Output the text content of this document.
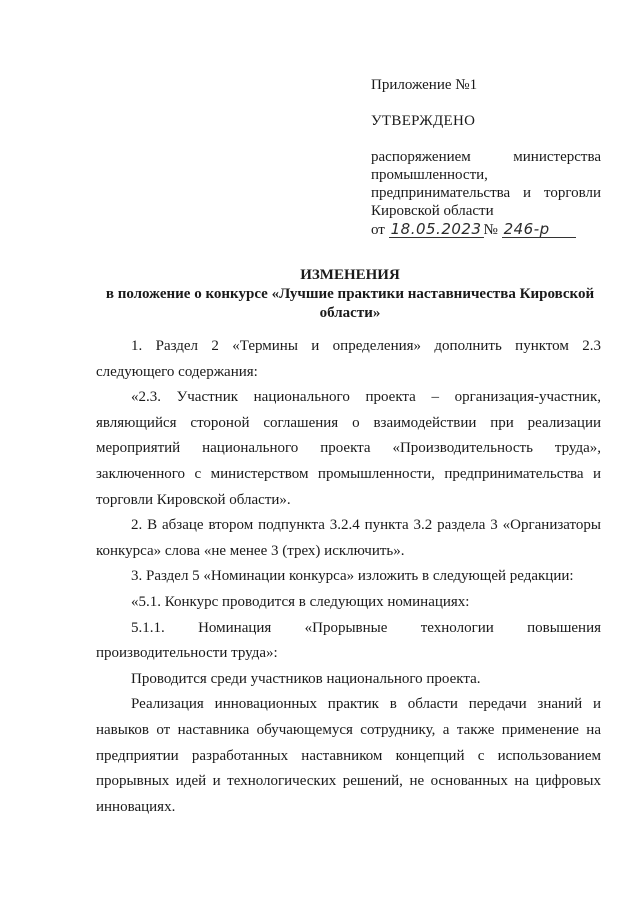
Приложение №1
УТВЕРЖДЕНО
распоряжением министерства
промышленности,
предпринимательства и торговли
Кировской области
от 18.05.2023 № 246-р
ИЗМЕНЕНИЯ
в положение о конкурсе «Лучшие практики наставничества Кировской области»

1. Раздел 2 «Термины и определения» дополнить пунктом 2.3 следующего содержания:

«2.3. Участник национального проекта – организация-участник, являющийся стороной соглашения о взаимодействии при реализации мероприятий национального проекта «Производительность труда», заключенного с министерством промышленности, предпринимательства и торговли Кировской области».

2. В абзаце втором подпункта 3.2.4 пункта 3.2 раздела 3 «Организаторы конкурса» слова «не менее 3 (трех) исключить».

3. Раздел 5 «Номинации конкурса» изложить в следующей редакции:

«5.1. Конкурс проводится в следующих номинациях:

5.1.1. Номинация «Прорывные технологии повышения производительности труда»:

Проводится среди участников национального проекта.

Реализация инновационных практик в области передачи знаний и навыков от наставника обучающемуся сотруднику, а также применение на предприятии разработанных наставником концепций с использованием прорывных идей и технологических решений, не основанных на цифровых инновациях.
